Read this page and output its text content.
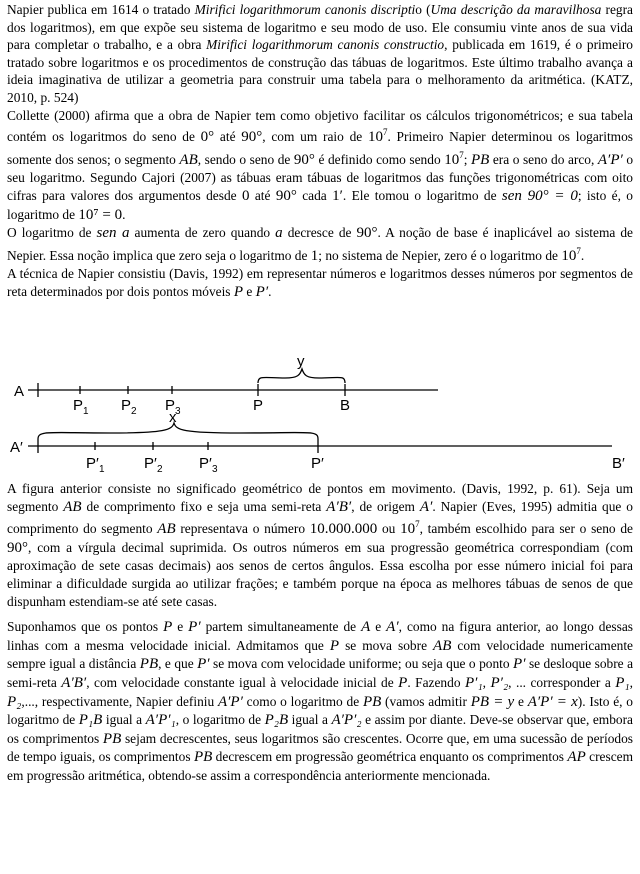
Napier publica em 1614 o tratado Mirifici logarithmorum canonis discriptio (Uma descrição da maravilhosa regra dos logaritmos), em que expõe seu sistema de logaritmo e seu modo de uso. Ele consumiu vinte anos de sua vida para completar o trabalho, e a obra Mirifici logarithmorum canonis constructio, publicada em 1619, é o primeiro tratado sobre logaritmos e os procedimentos de construção das tábuas de logaritmos. Este último trabalho avança a ideia imaginativa de utilizar a geometria para construir uma tabela para o melhoramento da aritmética. (KATZ, 2010, p. 524)

Collette (2000) afirma que a obra de Napier tem como objetivo facilitar os cálculos trigonométricos; e sua tabela contém os logaritmos do seno de 0° até 90°, com um raio de $10^7$. Primeiro Napier determinou os logaritmos somente dos senos; o segmento AB, sendo o seno de 90° é definido como sendo $10^7$; PB era o seno do arco, A′P′ o seu logaritmo. Segundo Cajori (2007) as tábuas eram tábuas de logaritmos das funções trigonométricas com oito cifras para valores dos argumentos desde 0 até 90° cada 1′. Ele tomou o logaritmo de sen 90° = 0; isto é, o logaritmo de 10⁷ = 0.

O logaritmo de sen a aumenta de zero quando a decresce de 90°. A noção de base é inaplicável ao sistema de Nepier. Essa noção implica que zero seja o logaritmo de 1; no sistema de Nepier, zero é o logaritmo de $10^7$.

A técnica de Napier consistiu (Davis, 1992) em representar números e logaritmos desses números por segmentos de reta determinados por dois pontos móveis P e P′.

A
P 1 P 2 P 3	P	B
y
x
A′
P′ 1	P′ 2 P′ 3	P′	B′

A figura anterior consiste no significado geométrico de pontos em movimento. (Davis, 1992, p. 61). Seja um segmento AB de comprimento fixo e seja uma semi-reta A′B′, de origem A′. Napier (Eves, 1995) admitia que o comprimento do segmento AB representava o número 10.000.000 ou $10^7$, também escolhido para ser o seno de 90°, com a vírgula decimal suprimida. Os outros números em sua progressão geométrica correspondiam (com aproximação de sete casas decimais) aos senos de certos ângulos. Essa escolha por esse número inicial foi para eliminar a dificuldade surgida ao utilizar frações; e também porque na época as melhores tábuas de senos de que dispunham estendiam-se até sete casas.

Suponhamos que os pontos P e P′ partem simultaneamente de A e A′, como na figura anterior, ao longo dessas linhas com a mesma velocidade inicial. Admitamos que P se mova sobre AB com velocidade numericamente sempre igual a distância PB, e que P′ se mova com velocidade uniforme; ou seja que o ponto P′ se desloque sobre a semi-reta A′B′, com velocidade constante igual à velocidade inicial de P. Fazendo P′₁, P′₂, ... corresponder a P₁, P₂,..., respectivamente, Napier definiu A′P′ como o logaritmo de PB (vamos admitir PB = y e A′P′ = x). Isto é, o logaritmo de P₁B igual a A′P′₁, o logaritmo de P₂B igual a A′P′₂ e assim por diante. Deve-se observar que, embora os comprimentos PB sejam decrescentes, seus logaritmos são crescentes. Ocorre que, em uma sucessão de períodos de tempo iguais, os comprimentos PB decrescem em progressão geométrica enquanto os comprimentos AP crescem em progressão aritmética, obtendo-se assim a correspondência anteriormente mencionada.
